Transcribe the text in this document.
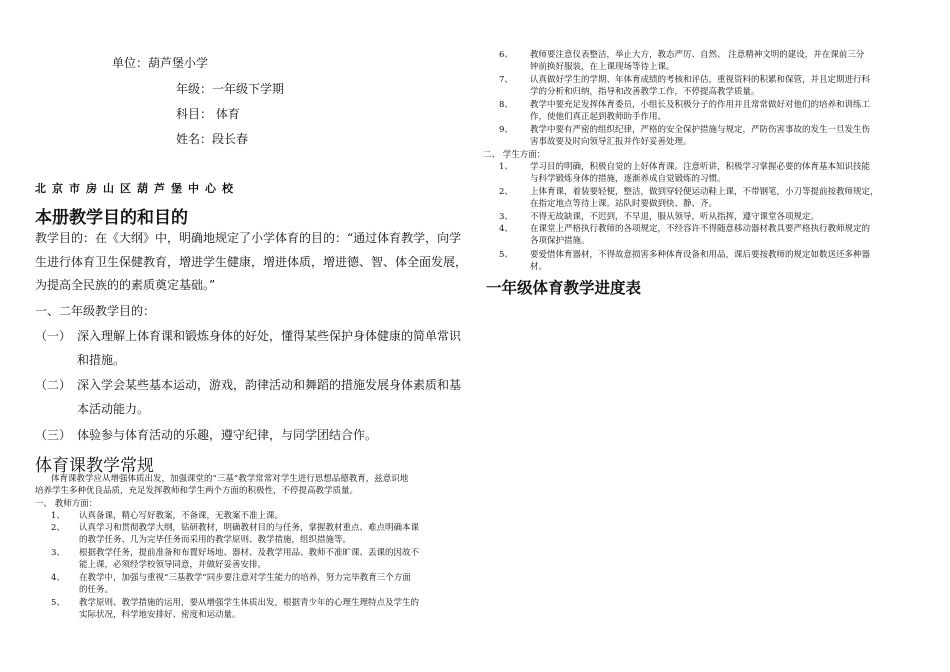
单位：葫芦堡小学
年级：一年级下学期
科目： 体育
姓名：段长春
北京市房山区葫芦堡中心校
本册教学目的和目的
教学目的：在《大纲》中，明确地规定了小学体育的目的：“通过体育教学，向学
生进行体育卫生保健教育，增进学生健康，增进体质，增进德、智、体全面发展，
为提高全民族的的素质奠定基础。”
一、二年级教学目的：
（一） 深入理解上体育课和锻炼身体的好处，懂得某些保护身体健康的简单常识
和措施。
（二） 深入学会某些基本运动，游戏，韵律活动和舞蹈的措施发展身体素质和基
本活动能力。
（三） 体验参与体育活动的乐趣，遵守纪律，与同学团结合作。
体育课教学常规
体育课教学应从增强体质出发，加强课堂的“三基”教学常常对学生进行思想品德教育，兹意识地
培养学生多种优良品质，充足发挥教师和学生两个方面的积极性，不停提高教学质量。
一、 教师方面：
1、 认真备课，精心写好教案，不备课，无教案不准上课。
2、 认真学习和贯彻教学大纲，钻研教材，明确教材目的与任务，掌握教材重点、难点明确本课
的教学任务、几为完毕任务而采用的教学原则、教学措施，组织措施等。
3、 根据教学任务，提前准备和布置好场地、器材、及教学用品、教师不准旷课、丢课的因故不
能上课，必须经学校领导同意，并做好妥善安排。
4、 在教学中，加强与重视“三基教学”同步要注意对学生能力的培养，努力完毕教育三个方面
的任务。
5、 教学原则、教学措施的运用，要从增强学生体质出发，根据青少年的心理生理特点及学生的
实际状况，科学地安排好、密度和运动量。
6、 教师要注意仪表整洁，举止大方，教态严厉、自然、 注意精神文明的建设，并在课前三分
钟前换好服装，在上课现场等待上课。
7、 认真做好学生的学期、年体育成绩的考核和评估，重视资料的积累和保管，并且定期进行科
学的分析和归纳，指导和改善教学工作，不停提高教学质量。
8、 教学中要充足发挥体育委员，小组长及积极分子的作用并且常常做好对他们的培养和训练工
作，使他们真正起到教师助手作用。
9、 教学中要有严密的组织纪律，严格的安全保护措施与规定，严防伤害事故的发生一旦发生伤
害事故要及时向领导汇报并作好妥善处理。
二、 学生方面：
1、 学习目的明确，积极自觉的上好体育课。注意听讲，积极学习掌握必要的体育基本知识技能
与科学锻炼身体的措施，逐渐养成自觉锻炼的习惯。
2、 上体育课，着装要轻便，整洁，做到穿轻便运动鞋上课，不带钢笔，小刀等提前按教师规定，
在指定地点等待上课。站队时要做到快、静、齐。
3、 不得无故缺课，不迟到，不早退，服从领导，听从指挥，遵守课堂各项规定。
4、 在课堂上严格执行教师的各项规定，不经容许不得随意移动器材教具要严格执行教师规定的
各项保护措施。
5、 要爱惜体育器材，不得故意损害多种体育设备和用品，课后要按教师的规定如数送还多种器
材。
一年级体育教学进度表
